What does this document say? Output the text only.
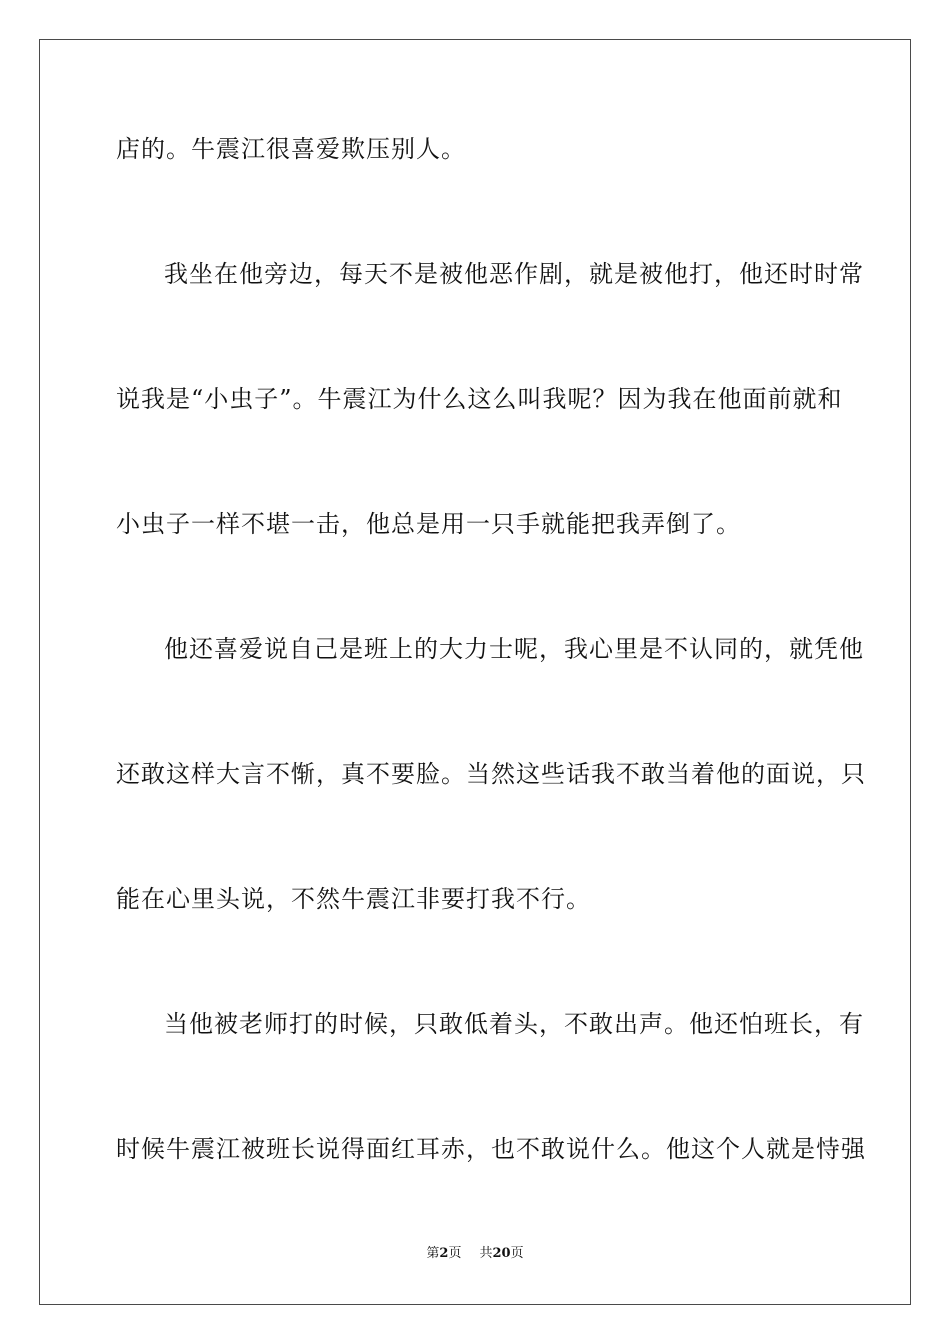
店的。牛震江很喜爱欺压别人。
我坐在他旁边，每天不是被他恶作剧，就是被他打，他还时时常
说我是“小虫子”。牛震江为什么这么叫我呢？因为我在他面前就和
小虫子一样不堪一击，他总是用一只手就能把我弄倒了。
他还喜爱说自己是班上的大力士呢，我心里是不认同的，就凭他
还敢这样大言不惭，真不要脸。当然这些话我不敢当着他的面说，只
能在心里头说，不然牛震江非要打我不行。
当他被老师打的时候，只敢低着头，不敢出声。他还怕班长，有
时候牛震江被班长说得面红耳赤，也不敢说什么。他这个人就是恃强
第2页 共20页
